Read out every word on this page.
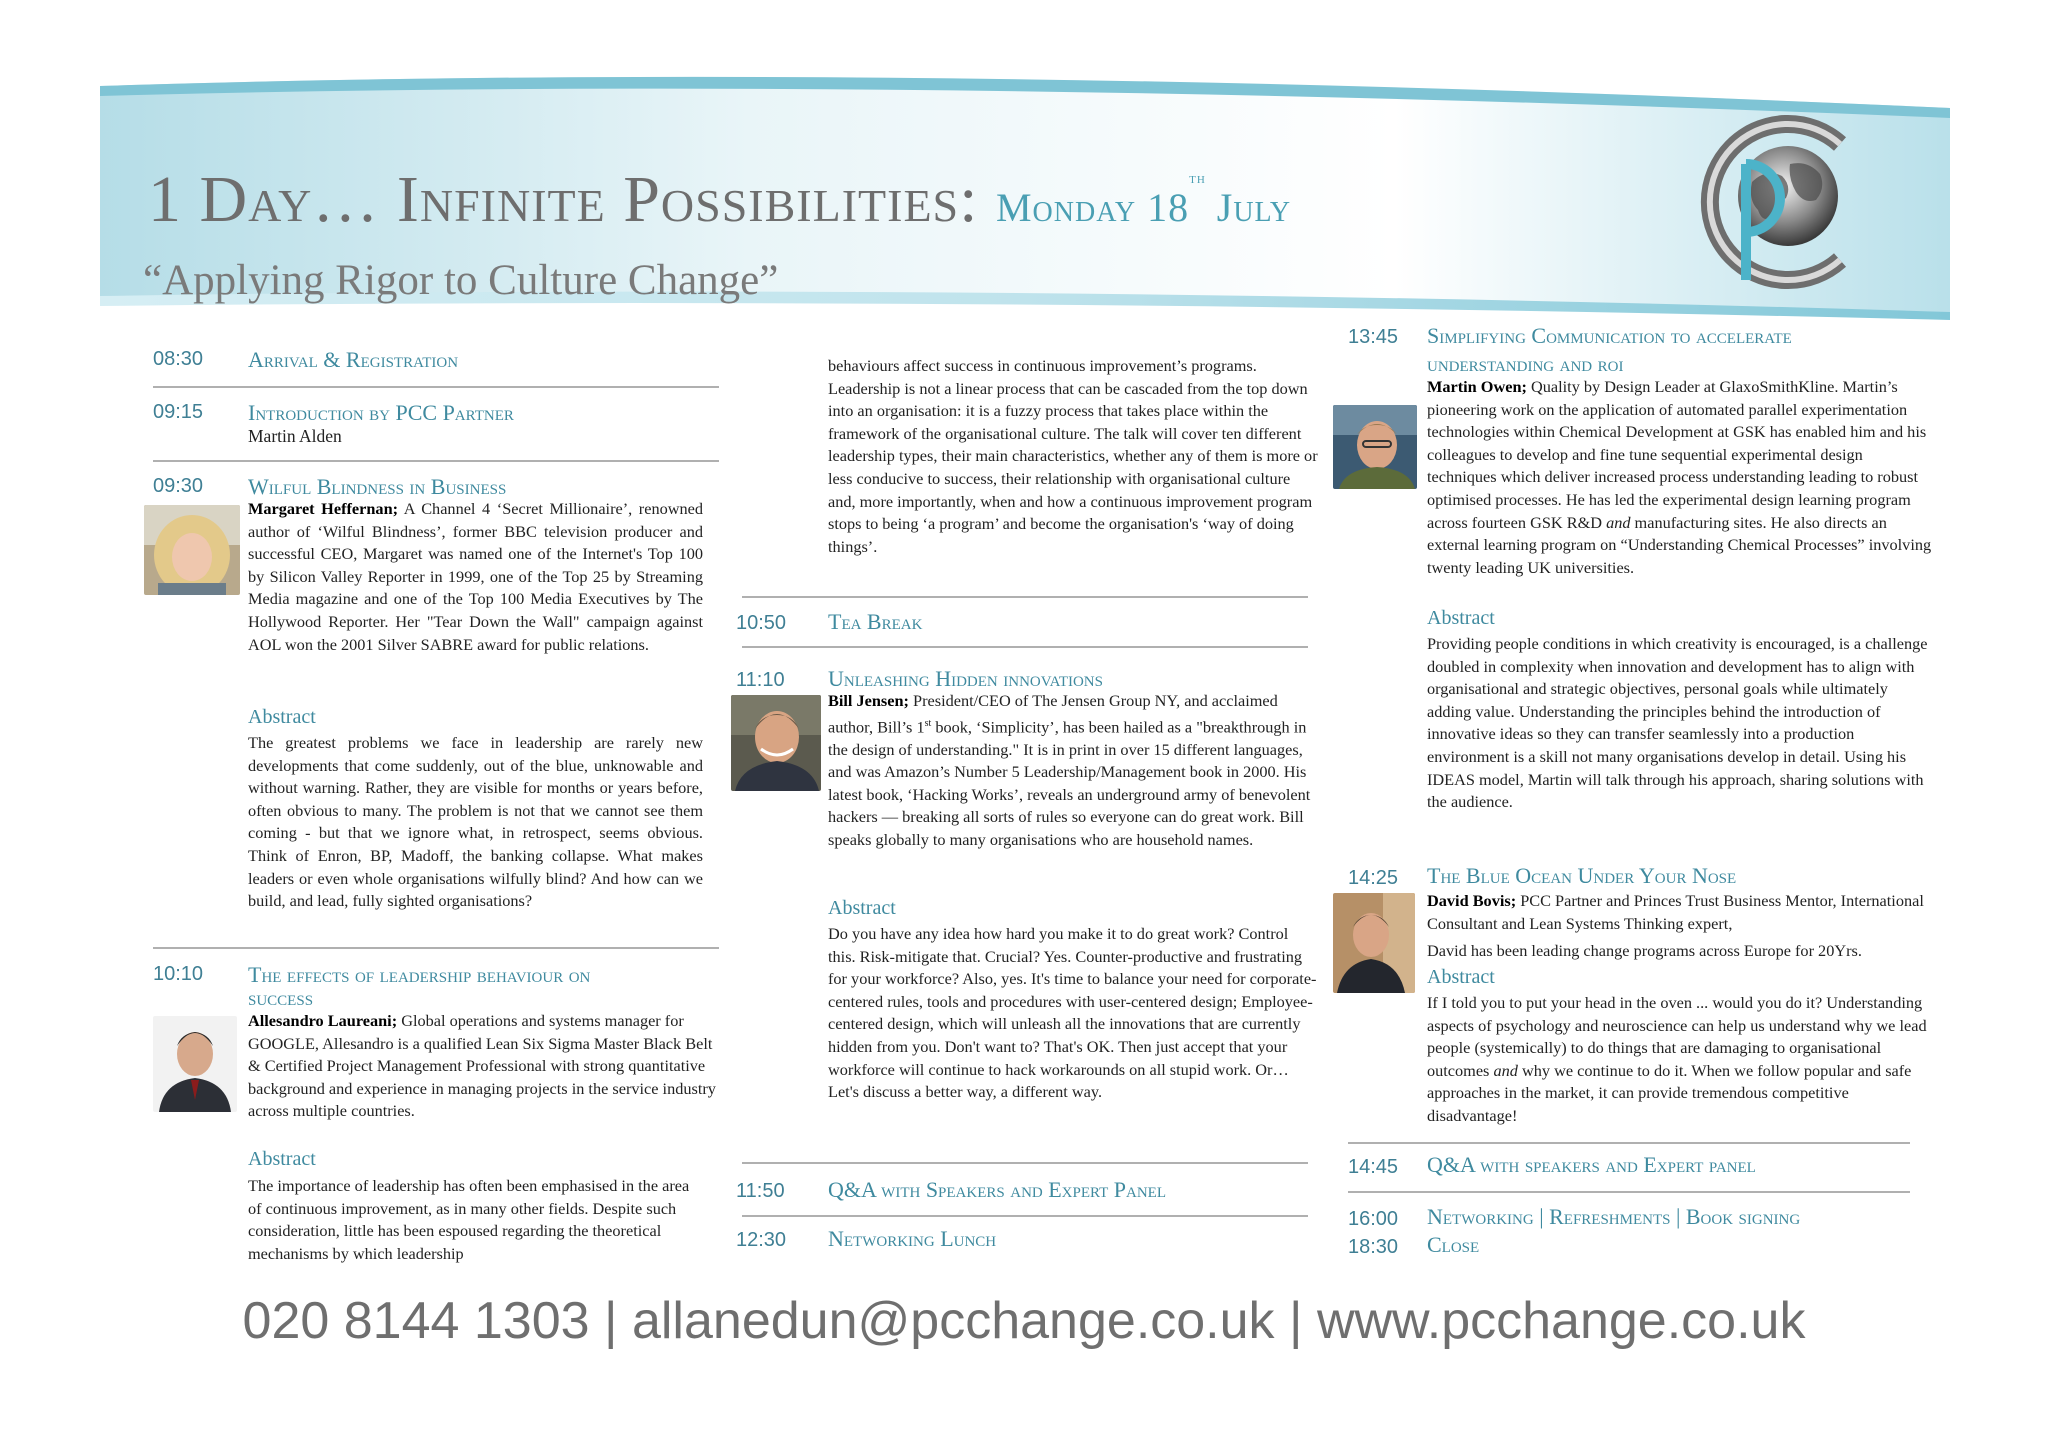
1 Day… Infinite Possibilities: Monday 18th July
“Applying Rigor to Culture Change”
08:30 Arrival & Registration
09:15 Introduction by PCC Partner
Martin Alden
09:30 Wilful Blindness in Business
Margaret Heffernan; A Channel 4 ‘Secret Millionaire’, renowned author of ‘Wilful Blindness’, former BBC television producer and successful CEO, Margaret was named one of the Internet's Top 100 by Silicon Valley Reporter in 1999, one of the Top 25 by Streaming Media magazine and one of the Top 100 Media Executives by The Hollywood Reporter. Her "Tear Down the Wall" campaign against AOL won the 2001 Silver SABRE award for public relations.
Abstract
The greatest problems we face in leadership are rarely new developments that come suddenly, out of the blue, unknowable and without warning. Rather, they are visible for months or years before, often obvious to many. The problem is not that we cannot see them coming - but that we ignore what, in retrospect, seems obvious. Think of Enron, BP, Madoff, the banking collapse. What makes leaders or even whole organisations wilfully blind? And how can we build, and lead, fully sighted organisations?
10:10 The effects of leadership behaviour on
success
Allesandro Laureani; Global operations and systems manager for GOOGLE, Allesandro is a qualified Lean Six Sigma Master Black Belt & Certified Project Management Professional with strong quantitative background and experience in managing projects in the service industry across multiple countries.
Abstract
The importance of leadership has often been emphasised in the area of continuous improvement, as in many other fields. Despite such consideration, little has been espoused regarding the theoretical mechanisms by which leadership
behaviours affect success in continuous improvement’s programs. Leadership is not a linear process that can be cascaded from the top down into an organisation: it is a fuzzy process that takes place within the framework of the organisational culture. The talk will cover ten different leadership types, their main characteristics, whether any of them is more or less conducive to success, their relationship with organisational culture and, more importantly, when and how a continuous improvement program stops to being ‘a program’ and become the organisation's ‘way of doing things’.
10:50 Tea Break
11:10 Unleashing Hidden innovations
Bill Jensen; President/CEO of The Jensen Group NY, and acclaimed author, Bill’s 1st book, ‘Simplicity’, has been hailed as a "breakthrough in the design of understanding." It is in print in over 15 different languages, and was Amazon’s Number 5 Leadership/Management book in 2000. His latest book, ‘Hacking Works’, reveals an underground army of benevolent hackers — breaking all sorts of rules so everyone can do great work. Bill speaks globally to many organisations who are household names.
Abstract
Do you have any idea how hard you make it to do great work? Control this. Risk-mitigate that. Crucial? Yes. Counter-productive and frustrating for your workforce? Also, yes. It's time to balance your need for corporate-centered rules, tools and procedures with user-centered design; Employee-centered design, which will unleash all the innovations that are currently hidden from you. Don't want to? That's OK. Then just accept that your workforce will continue to hack workarounds on all stupid work. Or… Let's discuss a better way, a different way.
11:50 Q&A with Speakers and Expert Panel
12:30 Networking Lunch
13:45 Simplifying Communication to accelerate
understanding and roi
Martin Owen; Quality by Design Leader at GlaxoSmithKline. Martin’s pioneering work on the application of automated parallel experimentation technologies within Chemical Development at GSK has enabled him and his colleagues to develop and fine tune sequential experimental design techniques which deliver increased process understanding leading to robust optimised processes. He has led the experimental design learning program across fourteen GSK R&D and manufacturing sites. He also directs an external learning program on “Understanding Chemical Processes” involving twenty leading UK universities.
Abstract
Providing people conditions in which creativity is encouraged, is a challenge doubled in complexity when innovation and development has to align with organisational and strategic objectives, personal goals while ultimately adding value. Understanding the principles behind the introduction of innovative ideas so they can transfer seamlessly into a production environment is a skill not many organisations develop in detail. Using his IDEAS model, Martin will talk through his approach, sharing solutions with the audience.
14:25 The Blue Ocean Under Your Nose
David Bovis; PCC Partner and Princes Trust Business Mentor, International Consultant and Lean Systems Thinking expert,
David has been leading change programs across Europe for 20Yrs.
Abstract
If I told you to put your head in the oven ... would you do it? Understanding aspects of psychology and neuroscience can help us understand why we lead people (systemically) to do things that are damaging to organisational outcomes and why we continue to do it. When we follow popular and safe approaches in the market, it can provide tremendous competitive disadvantage!
14:45 Q&A with speakers and Expert panel
16:00 Networking | Refreshments | Book signing
18:30 Close
020 8144 1303 | allanedun@pcchange.co.uk | www.pcchange.co.uk
